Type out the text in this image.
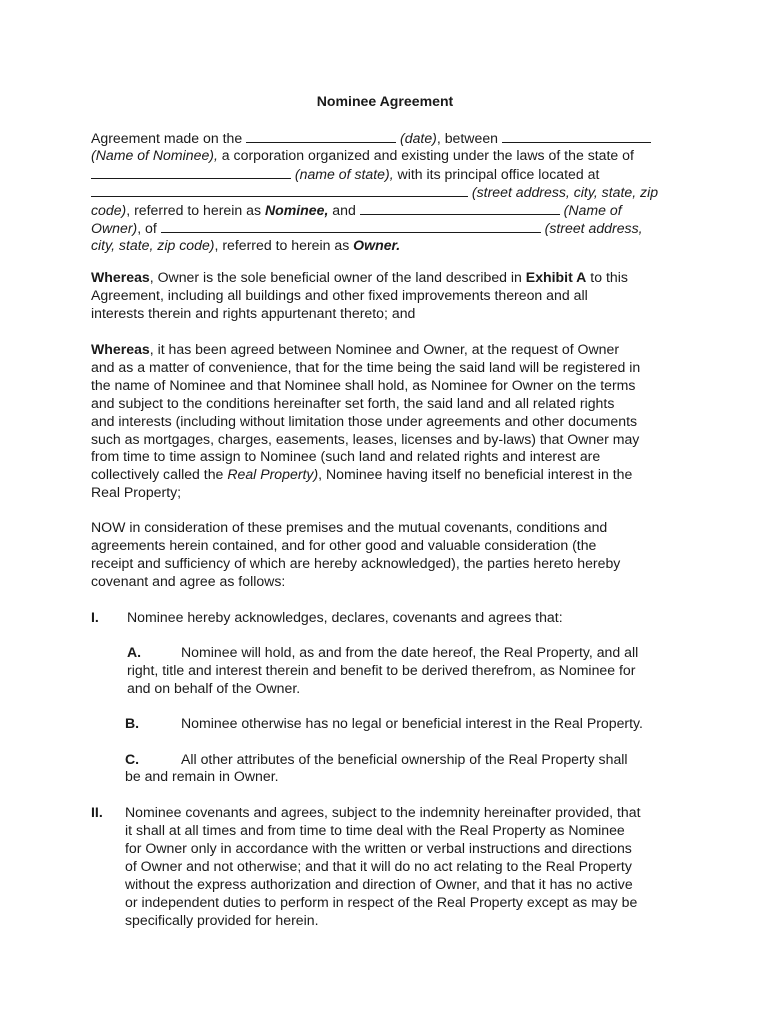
Nominee Agreement
Agreement made on the	(date), between
(Name of Nominee), a corporation organized and existing under the laws of the state of
(name of state), with its principal office located at
(street address, city, state, zip
code), referred to herein as Nominee, and	(Name of
Owner), of	(street address,
city, state, zip code), referred to herein as Owner.
Whereas, Owner is the sole beneficial owner of the land described in Exhibit A to this
Agreement, including all buildings and other fixed improvements thereon and all
interests therein and rights appurtenant thereto; and
Whereas, it has been agreed between Nominee and Owner, at the request of Owner
and as a matter of convenience, that for the time being the said land will be registered in
the name of Nominee and that Nominee shall hold, as Nominee for Owner on the terms
and subject to the conditions hereinafter set forth, the said land and all related rights
and interests (including without limitation those under agreements and other documents
such as mortgages, charges, easements, leases, licenses and by-laws) that Owner may
from time to time assign to Nominee (such land and related rights and interest are
collectively called the Real Property), Nominee having itself no beneficial interest in the
Real Property;
NOW in consideration of these premises and the mutual covenants, conditions and
agreements herein contained, and for other good and valuable consideration (the
receipt and sufficiency of which are hereby acknowledged), the parties hereto hereby
covenant and agree as follows:
I. Nominee hereby acknowledges, declares, covenants and agrees that:
A.	Nominee will hold, as and from the date hereof, the Real Property, and all
right, title and interest therein and benefit to be derived therefrom, as Nominee for
and on behalf of the Owner.
B.	Nominee otherwise has no legal or beneficial interest in the Real Property.
C.	All other attributes of the beneficial ownership of the Real Property shall
be and remain in Owner.
II. Nominee covenants and agrees, subject to the indemnity hereinafter provided, that
it shall at all times and from time to time deal with the Real Property as Nominee
for Owner only in accordance with the written or verbal instructions and directions
of Owner and not otherwise; and that it will do no act relating to the Real Property
without the express authorization and direction of Owner, and that it has no active
or independent duties to perform in respect of the Real Property except as may be
specifically provided for herein.
